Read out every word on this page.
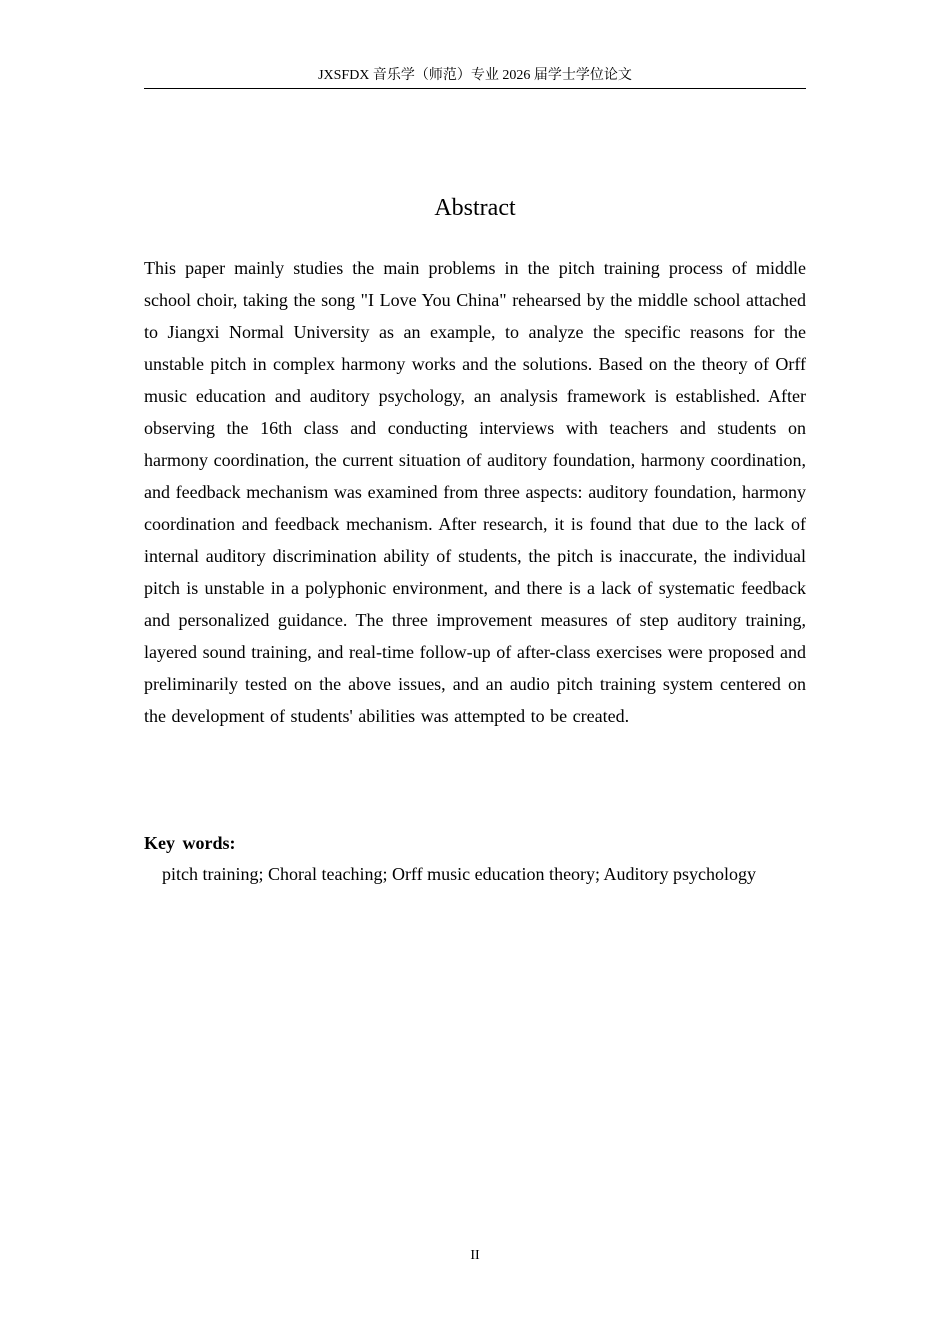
JXSFDX 音乐学（师范）专业 2026 届学士学位论文
Abstract

This paper mainly studies the main problems in the pitch training process of middle school choir, taking the song "I Love You China" rehearsed by the middle school attached to Jiangxi Normal University as an example, to analyze the specific reasons for the unstable pitch in complex harmony works and the solutions. Based on the theory of Orff music education and auditory psychology, an analysis framework is established. After observing the 16th class and conducting interviews with teachers and students on harmony coordination, the current situation of auditory foundation, harmony coordination, and feedback mechanism was examined from three aspects: auditory foundation, harmony coordination and feedback mechanism. After research, it is found that due to the lack of internal auditory discrimination ability of students, the pitch is inaccurate, the individual pitch is unstable in a polyphonic environment, and there is a lack of systematic feedback and personalized guidance. The three improvement measures of step auditory training, layered sound training, and real-time follow-up of after-class exercises were proposed and preliminarily tested on the above issues, and an audio pitch training system centered on the development of students' abilities was attempted to be created.

Key words:

pitch training; Choral teaching; Orff music education theory; Auditory psychology

II
